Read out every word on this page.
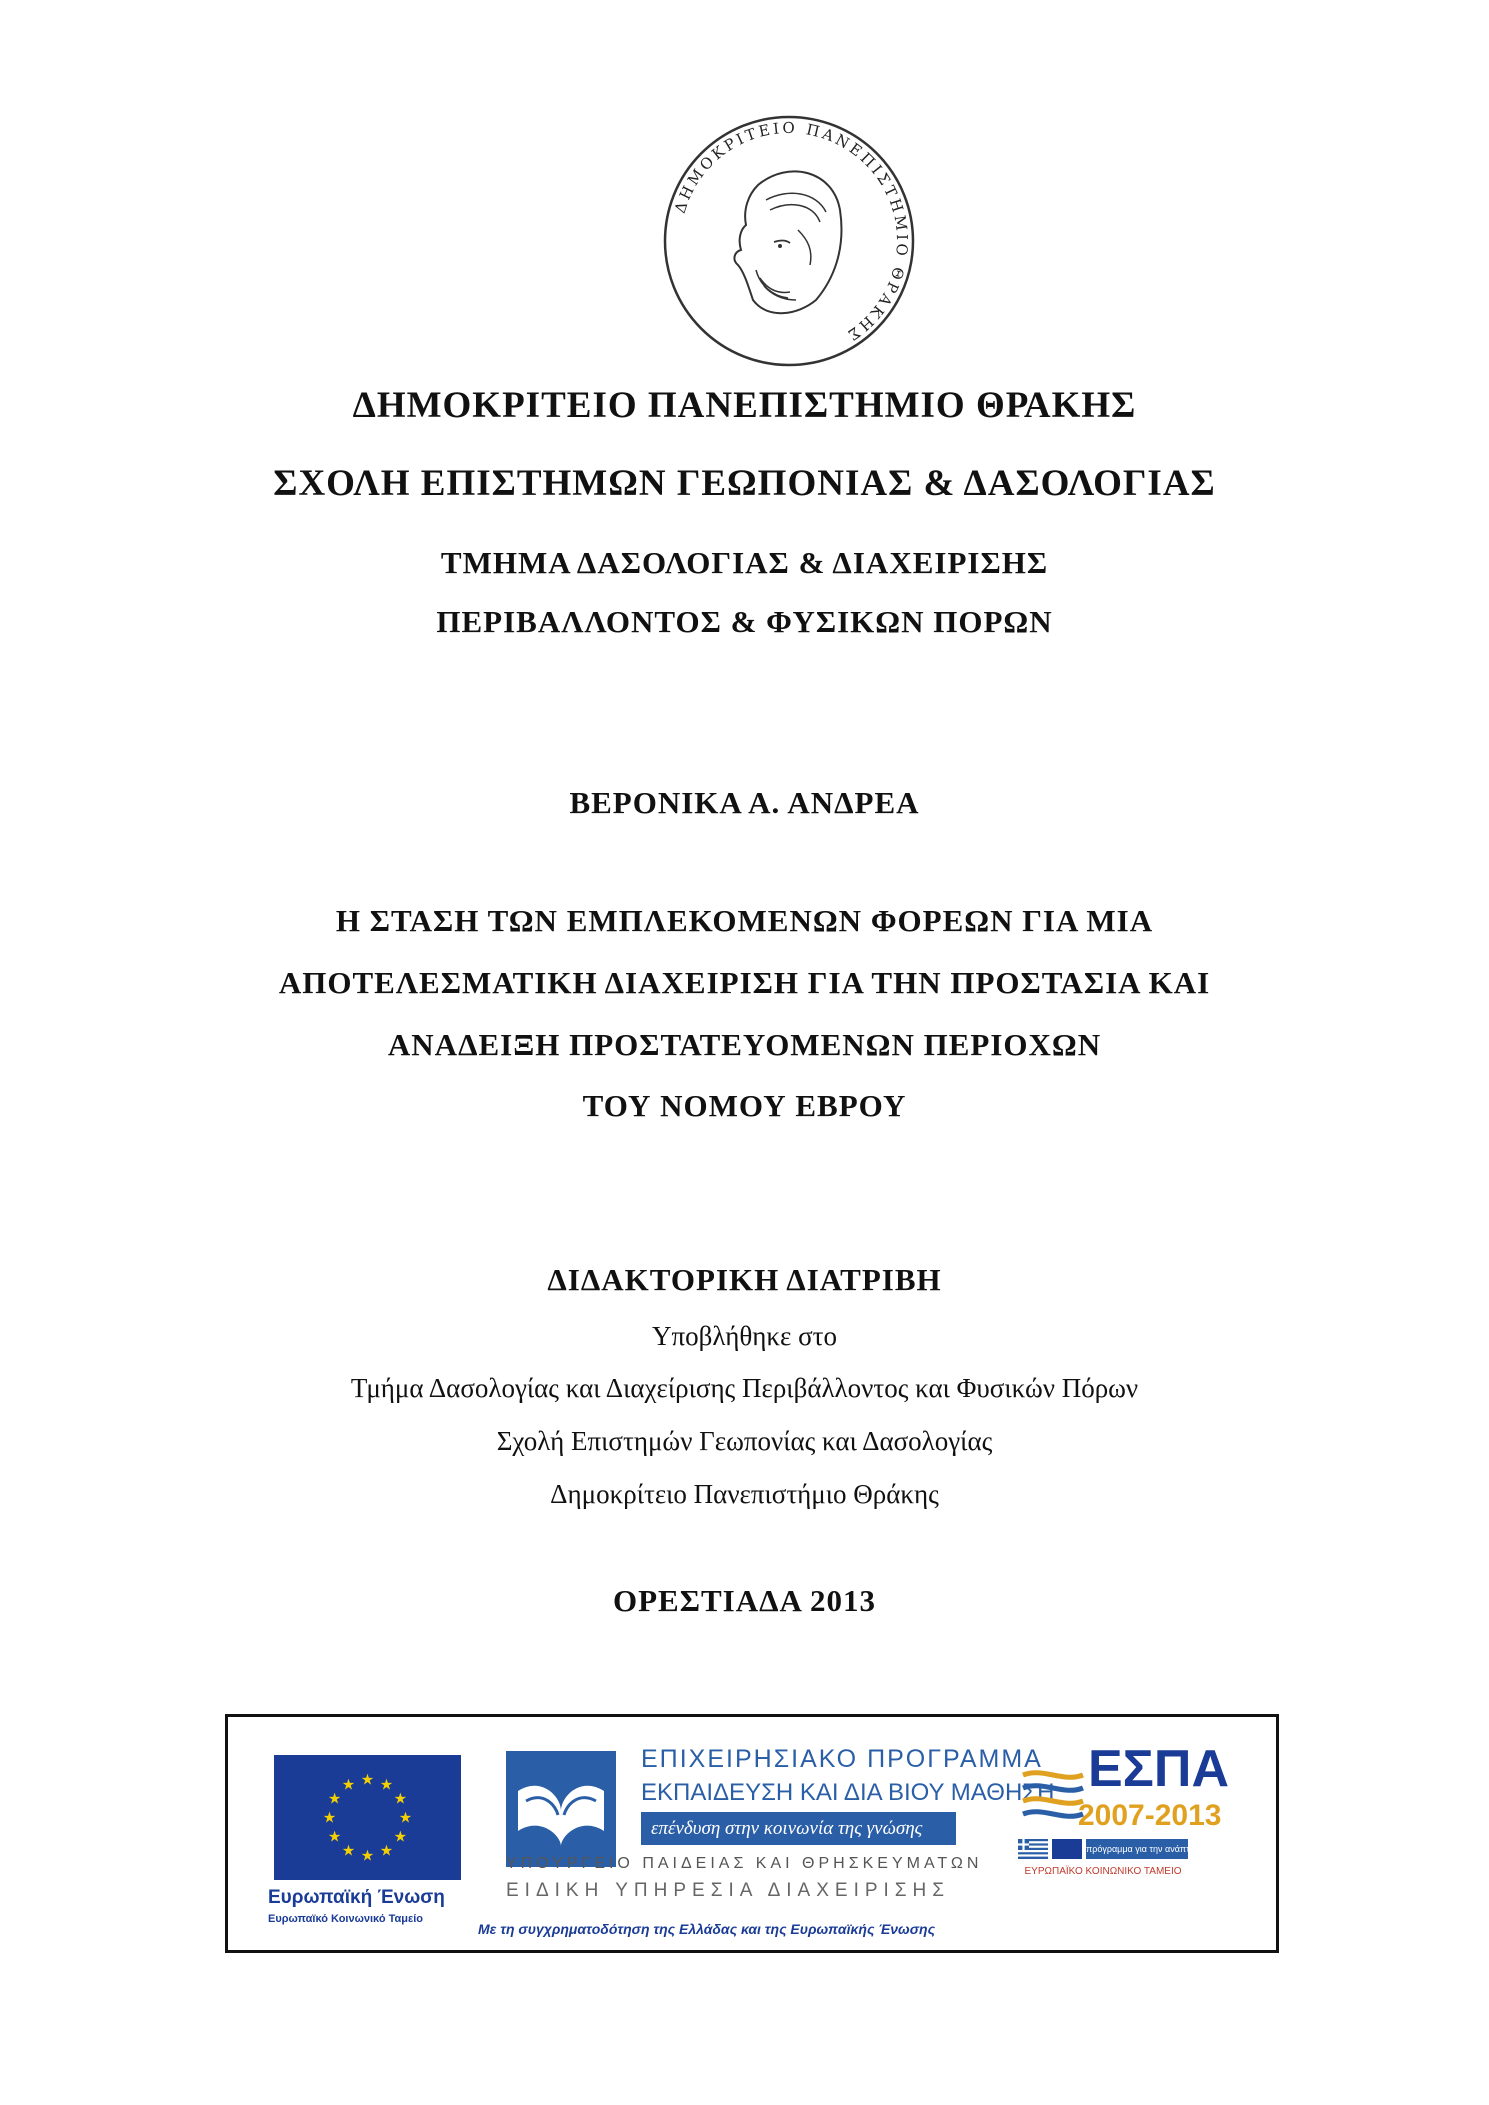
ΔΗΜΟΚΡΙΤΕΙΟ ΠΑΝΕΠΙΣΤΗΜΙΟ ΘΡΑΚΗΣ
ΔΗΜΟΚΡΙΤΕΙΟ ΠΑΝΕΠΙΣΤΗΜΙΟ ΘΡΑΚΗΣ
ΣΧΟΛΗ ΕΠΙΣΤΗΜΩΝ ΓΕΩΠΟΝΙΑΣ & ΔΑΣΟΛΟΓΙΑΣ
ΤΜΗΜΑ ΔΑΣΟΛΟΓΙΑΣ & ΔΙΑΧΕΙΡΙΣΗΣ
ΠΕΡΙΒΑΛΛΟΝΤΟΣ & ΦΥΣΙΚΩΝ ΠΟΡΩΝ
ΒΕΡΟΝΙΚΑ Α. ΑΝΔΡΕΑ
Η ΣΤΑΣΗ ΤΩΝ ΕΜΠΛΕΚΟΜΕΝΩΝ ΦΟΡΕΩΝ ΓΙΑ ΜΙΑ
ΑΠΟΤΕΛΕΣΜΑΤΙΚΗ ΔΙΑΧΕΙΡΙΣΗ ΓΙΑ ΤΗΝ ΠΡΟΣΤΑΣΙΑ ΚΑΙ
ΑΝΑΔΕΙΞΗ ΠΡΟΣΤΑΤΕΥΟΜΕΝΩΝ ΠΕΡΙΟΧΩΝ
ΤΟΥ ΝΟΜΟΥ ΕΒΡΟΥ
ΔΙΔΑΚΤΟΡΙΚΗ ΔΙΑΤΡΙΒΗ
Υποβλήθηκε στο
Τμήμα Δασολογίας και Διαχείρισης Περιβάλλοντος και Φυσικών Πόρων
Σχολή Επιστημών Γεωπονίας και Δασολογίας
Δημοκρίτειο Πανεπιστήμιο Θράκης
ΟΡΕΣΤΙΑΔΑ 2013
★ ★
★
★
★
★
★
★
★
★
★
★
Ευρωπαϊκή Ένωση
Ευρωπαϊκό Κοινωνικό Ταμείο
ΕΠΙΧΕΙΡΗΣΙΑΚΟ ΠΡΟΓΡΑΜΜΑ
ΕΚΠΑΙΔΕΥΣΗ ΚΑΙ ΔΙΑ ΒΙΟΥ ΜΑΘΗΣΗ
επένδυση στην κοινωνία της γνώσης
ΥΠΟΥΡΓΕΙΟ ΠΑΙΔΕΙΑΣ ΚΑΙ ΘΡΗΣΚΕΥΜΑΤΩΝ
ΕΙΔΙΚΗ ΥΠΗΡΕΣΙΑ ΔΙΑΧΕΙΡΙΣΗΣ
ΕΣΠΑ
2007-2013
πρόγραμμα για την ανάπτυξη
ΕΥΡΩΠΑΪΚΟ ΚΟΙΝΩΝΙΚΟ ΤΑΜΕΙΟ
Με τη συγχρηματοδότηση της Ελλάδας και της Ευρωπαϊκής Ένωσης
